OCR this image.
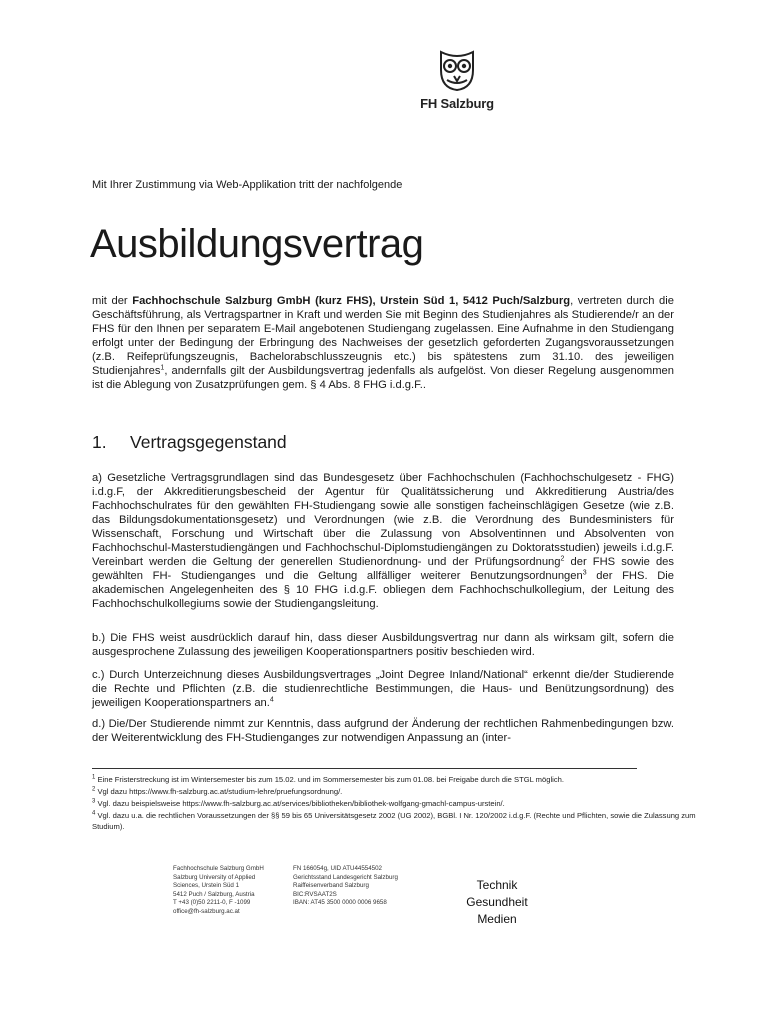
FH Salzburg
Mit Ihrer Zustimmung via Web-Applikation tritt der nachfolgende
Ausbildungsvertrag
mit der Fachhochschule Salzburg GmbH (kurz FHS), Urstein Süd 1, 5412 Puch/Salzburg, vertreten durch die Geschäftsführung, als Vertragspartner in Kraft und werden Sie mit Beginn des Studienjahres als Studierende/r an der FHS für den Ihnen per separatem E-Mail angebotenen Studiengang zugelassen. Eine Aufnahme in den Studiengang erfolgt unter der Bedingung der Erbringung des Nachweises der gesetzlich geforderten Zugangsvoraussetzungen (z.B. Reifeprüfungszeugnis, Bachelorabschlusszeugnis etc.) bis spätestens zum 31.10. des jeweiligen Studienjahres$^1$, andernfalls gilt der Ausbildungsvertrag jedenfalls als aufgelöst. Von dieser Regelung ausgenommen ist die Ablegung von Zusatzprüfungen gem. § 4 Abs. 8 FHG i.d.g.F..
1. Vertragsgegenstand
a) Gesetzliche Vertragsgrundlagen sind das Bundesgesetz über Fachhochschulen (Fachhochschulgesetz - FHG) i.d.g.F, der Akkreditierungsbescheid der Agentur für Qualitätssicherung und Akkreditierung Austria/des Fachhochschulrates für den gewählten FH-Studiengang sowie alle sonstigen facheinschlägigen Gesetze (wie z.B. das Bildungsdokumentationsgesetz) und Verordnungen (wie z.B. die Verordnung des Bundesministers für Wissenschaft, Forschung und Wirtschaft über die Zulassung von Absolventinnen und Absolventen von Fachhochschul-Masterstudiengängen und Fachhochschul-Diplomstudiengängen zu Doktoratsstudien) jeweils i.d.g.F. Vereinbart werden die Geltung der generellen Studienordnung- und der Prüfungsordnung$^2$ der FHS sowie des gewählten FH- Studienganges und die Geltung allfälliger weiterer Benutzungsordnungen$^3$ der FHS. Die akademischen Angelegenheiten des § 10 FHG i.d.g.F. obliegen dem Fachhochschulkollegium, der Leitung des Fachhochschulkollegiums sowie der Studiengangsleitung.
b.) Die FHS weist ausdrücklich darauf hin, dass dieser Ausbildungsvertrag nur dann als wirksam gilt, sofern die ausgesprochene Zulassung des jeweiligen Kooperationspartners positiv beschieden wird.
c.) Durch Unterzeichnung dieses Ausbildungsvertrages „Joint Degree Inland/National“ erkennt die/der Studierende die Rechte und Pflichten (z.B. die studienrechtliche Bestimmungen, die Haus- und Benützungsordnung) des jeweiligen Kooperationspartners an.$^4$
d.) Die/Der Studierende nimmt zur Kenntnis, dass aufgrund der Änderung der rechtlichen Rahmenbedingungen bzw. der Weiterentwicklung des FH-Studienganges zur notwendigen Anpassung an (inter-

$^1$ Eine Fristerstreckung ist im Wintersemester bis zum 15.02. und im Sommersemester bis zum 01.08. bei Freigabe durch die STGL möglich.

$^2$ Vgl dazu https://www.fh-salzburg.ac.at/studium-lehre/pruefungsordnung/.

$^3$ Vgl. dazu beispielsweise https://www.fh-salzburg.ac.at/services/bibliotheken/bibliothek-wolfgang-gmachl-campus-urstein/.

$^4$ Vgl. dazu u.a. die rechtlichen Voraussetzungen der §§ 59 bis 65 Universitätsgesetz 2002 (UG 2002), BGBl. I Nr. 120/2002 i.d.g.F. (Rechte und Pflichten, sowie die Zulassung zum Studium).

Fachhochschule Salzburg GmbH
Salzburg University of Applied
Sciences, Urstein Süd 1
5412 Puch / Salzburg, Austria
T +43 (0)50 2211-0, F -1099
office@fh-salzburg.ac.at
FN 166054g, UID ATU44554502
Gerichtsstand Landesgericht Salzburg
Raiffeisenverband Salzburg
BIC:RVSAAT2S
IBAN: AT45 3500 0000 0006 9658
Technik
Gesundheit
Medien
